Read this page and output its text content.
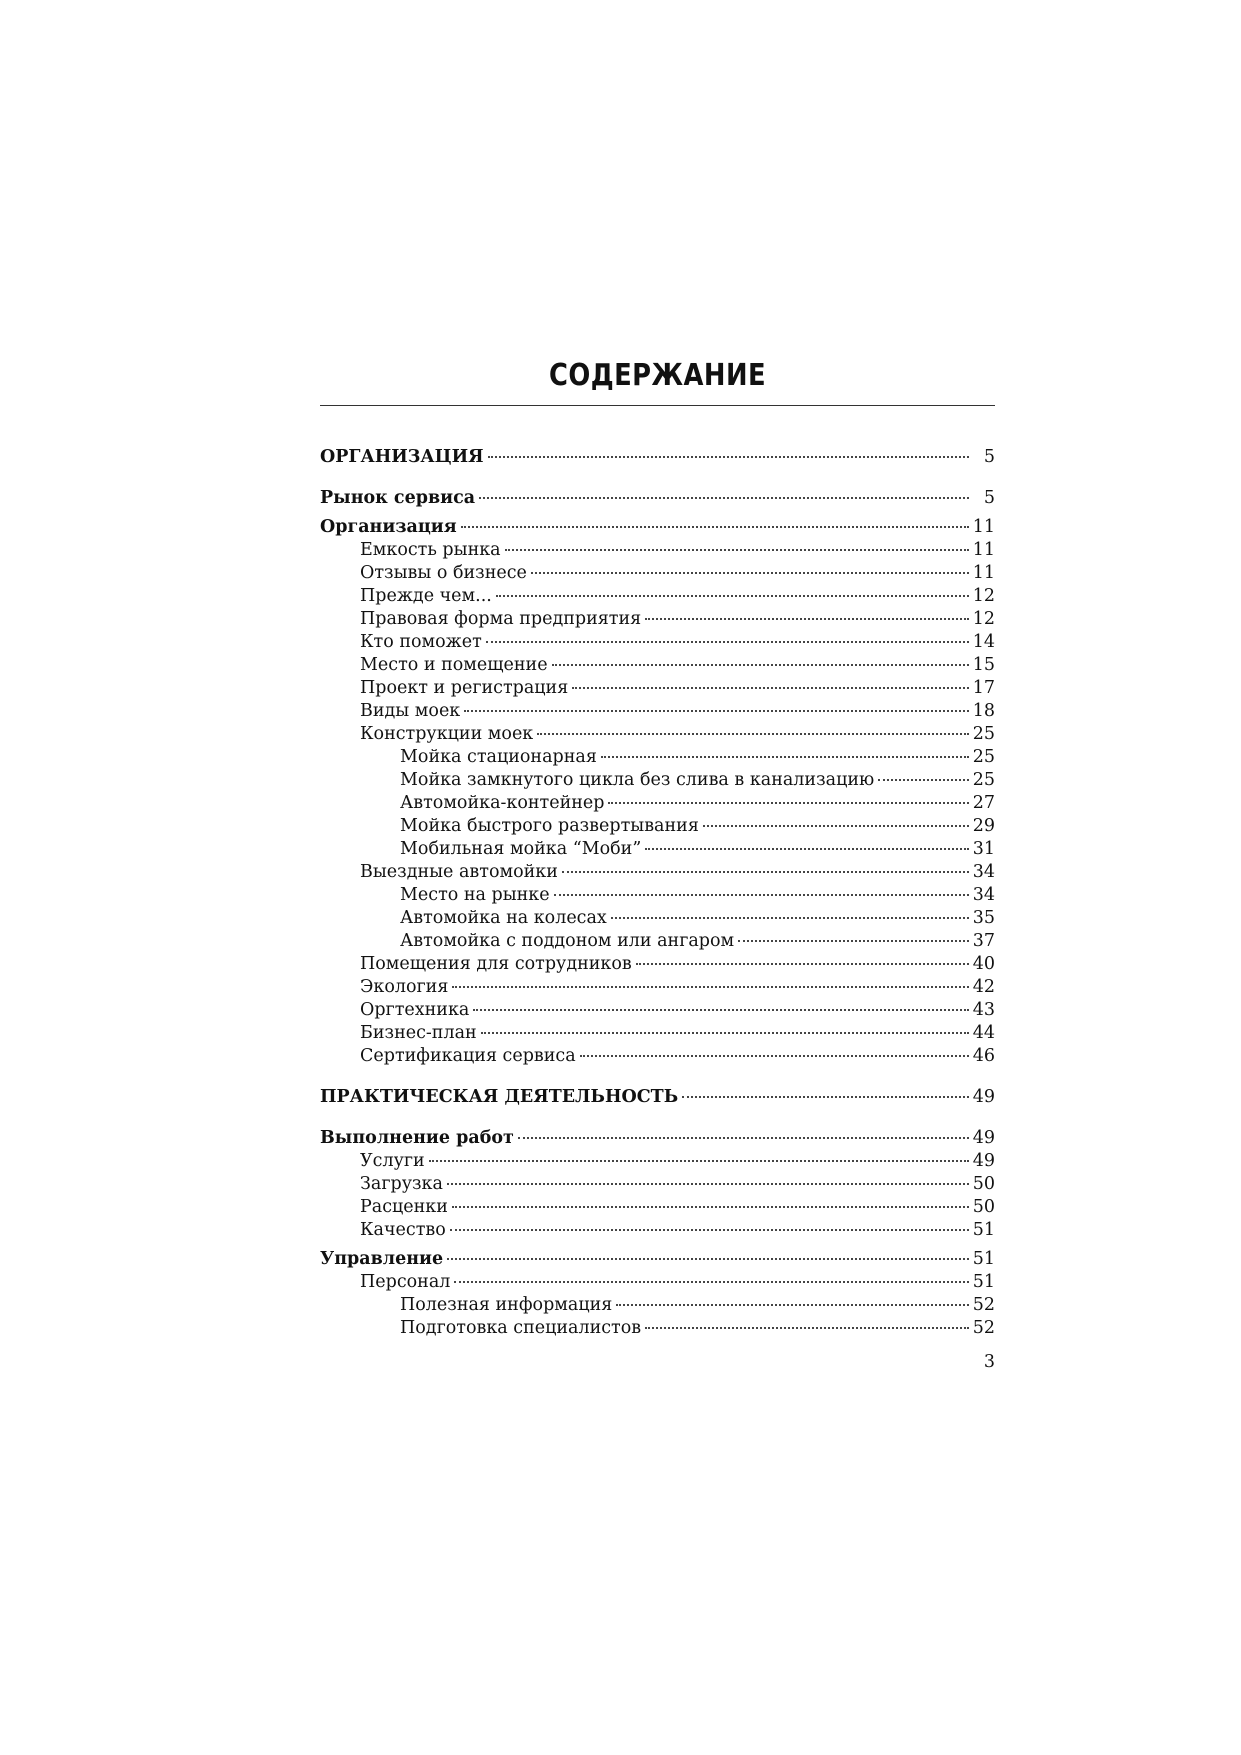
СОДЕРЖАНИЕ
ОРГАНИЗАЦИЯ	5
Рынок сервиса	5
Организация	11
Емкость рынка	11
Отзывы о бизнесе	11
Прежде чем...	12
Правовая форма предприятия	12
Кто поможет	14
Место и помещение	15
Проект и регистрация	17
Виды моек	18
Конструкции моек	25
Мойка стационарная	25
Мойка замкнутого цикла без слива в канализацию	25
Автомойка-контейнер	27
Мойка быстрого развертывания	29
Мобильная мойка “Моби”	31
Выездные автомойки	34
Место на рынке	34
Автомойка на колесах	35
Автомойка с поддоном или ангаром	37
Помещения для сотрудников	40
Экология	42
Оргтехника	43
Бизнес-план	44
Сертификация сервиса	46
ПРАКТИЧЕСКАЯ ДЕЯТЕЛЬНОСТЬ	49
Выполнение работ	49
Услуги	49
Загрузка	50
Расценки	50
Качество	51
Управление	51
Персонал	51
Полезная информация	52
Подготовка специалистов	52
3
